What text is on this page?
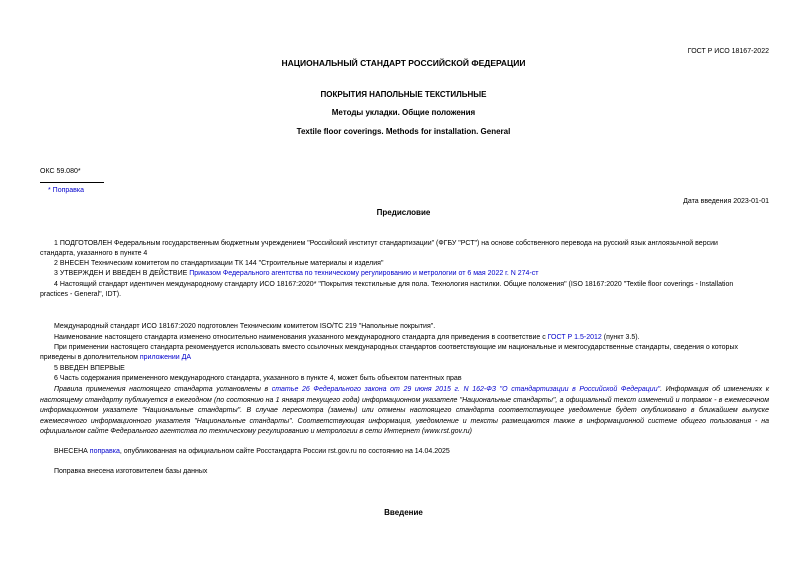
ГОСТ Р ИСО 18167-2022
НАЦИОНАЛЬНЫЙ СТАНДАРТ РОССИЙСКОЙ ФЕДЕРАЦИИ
ПОКРЫТИЯ НАПОЛЬНЫЕ ТЕКСТИЛЬНЫЕ
Методы укладки. Общие положения
Textile floor coverings. Methods for installation. General
ОКС 59.080*
* Поправка
Дата введения 2023-01-01
Предисловие
1 ПОДГОТОВЛЕН Федеральным государственным бюджетным учреждением "Российский институт стандартизации" (ФГБУ "РСТ") на основе собственного перевода на русский язык англоязычной версии
стандарта, указанного в пункте 4
2 ВНЕСЕН Техническим комитетом по стандартизации ТК 144 "Строительные материалы и изделия"
3 УТВЕРЖДЕН И ВВЕДЕН В ДЕЙСТВИЕ Приказом Федерального агентства по техническому регулированию и метрологии от 6 мая 2022 г. N 274-ст
4 Настоящий стандарт идентичен международному стандарту ИСО 18167:2020* "Покрытия текстильные для пола. Технология настилки. Общие положения" (ISO 18167:2020 "Textile floor coverings - Installation
practices - General", IDT).
Международный стандарт ИСО 18167:2020 подготовлен Техническим комитетом ISO/TC 219 "Напольные покрытия".
Наименование настоящего стандарта изменено относительно наименования указанного международного стандарта для приведения в соответствие с ГОСТ Р 1.5-2012 (пункт 3.5).
При применении настоящего стандарта рекомендуется использовать вместо ссылочных международных стандартов соответствующие им национальные и межгосударственные стандарты, сведения о которых
приведены в дополнительном приложении ДА
5 ВВЕДЕН ВПЕРВЫЕ
6 Часть содержания примененного международного стандарта, указанного в пункте 4, может быть объектом патентных прав
Правила применения настоящего стандарта установлены в статье 26 Федерального закона от 29 июня 2015 г. N 162-ФЗ "О стандартизации в Российской Федерации". Информация об изменениях к настоящему стандарту публикуется в ежегодном (по состоянию на 1 января текущего года) информационном указателе "Национальные стандарты", а официальный текст изменений и поправок - в ежемесячном информационном указателе "Национальные стандарты". В случае пересмотра (замены) или отмены настоящего стандарта соответствующее уведомление будет опубликовано в ближайшем выпуске ежемесячного информационного указателя "Национальные стандарты". Соответствующая информация, уведомление и тексты размещаются также в информационной системе общего пользования - на официальном сайте Федерального агентства по техническому регулированию и метрологии в сети Интернет (www.rst.gov.ru)
ВНЕСЕНА поправка, опубликованная на официальном сайте Росстандарта России rst.gov.ru по состоянию на 14.04.2025
Поправка внесена изготовителем базы данных
Введение
